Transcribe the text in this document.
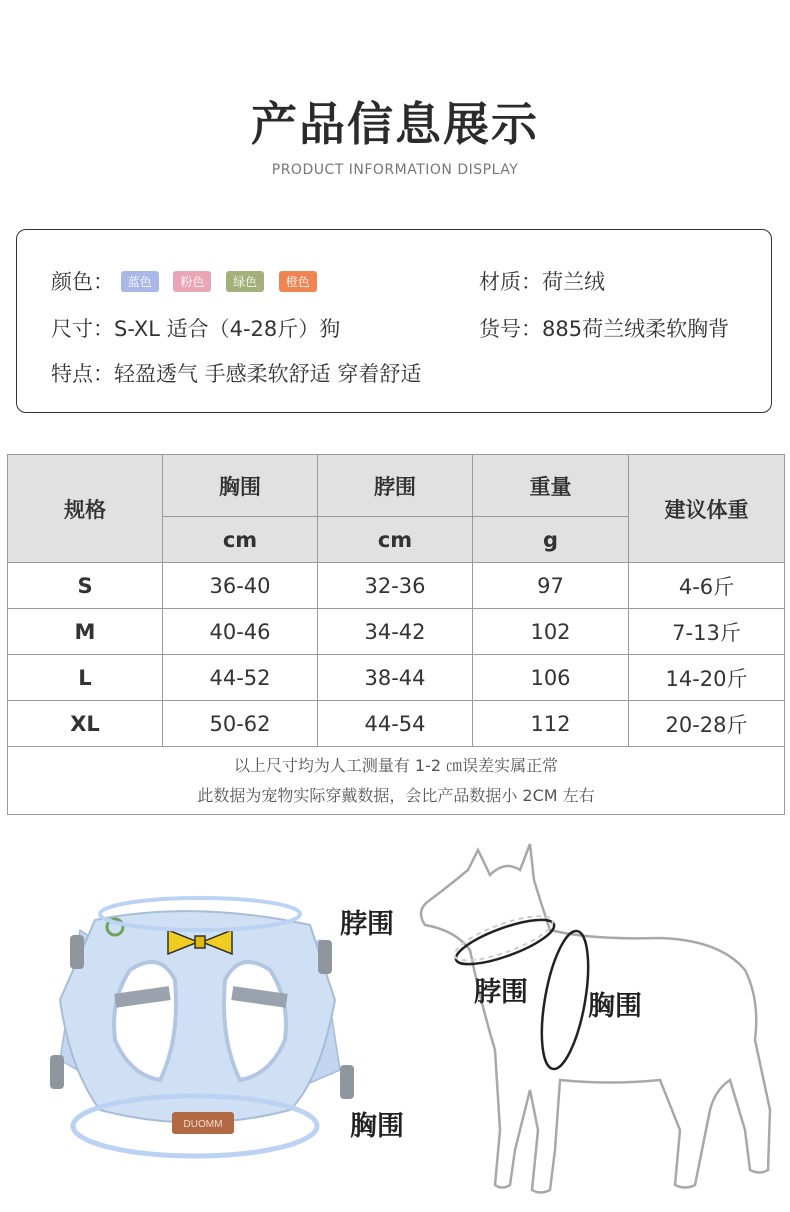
产品信息展示
PRODUCT INFORMATION DISPLAY
颜色： 蓝色 粉色 绿色 橙色	材质：荷兰绒
尺寸：S-XL 适合（4-28斤）狗	货号：885荷兰绒柔软胸背
特点：轻盈透气 手感柔软舒适 穿着舒适
规格	胸围	脖围	重量	建议体重
	cm	cm	g	
S	36-40	32-36	97	4-6斤
M	40-46	34-42	102	7-13斤
L	44-52	38-44	106	14-20斤
XL	50-62	44-54	112	20-28斤

以上尺寸均为人工测量有 1-2 ㎝误差实属正常
此数据为宠物实际穿戴数据，会比产品数据小 2CM 左右				
DUOMM
脖围
胸围
脖围 胸围
